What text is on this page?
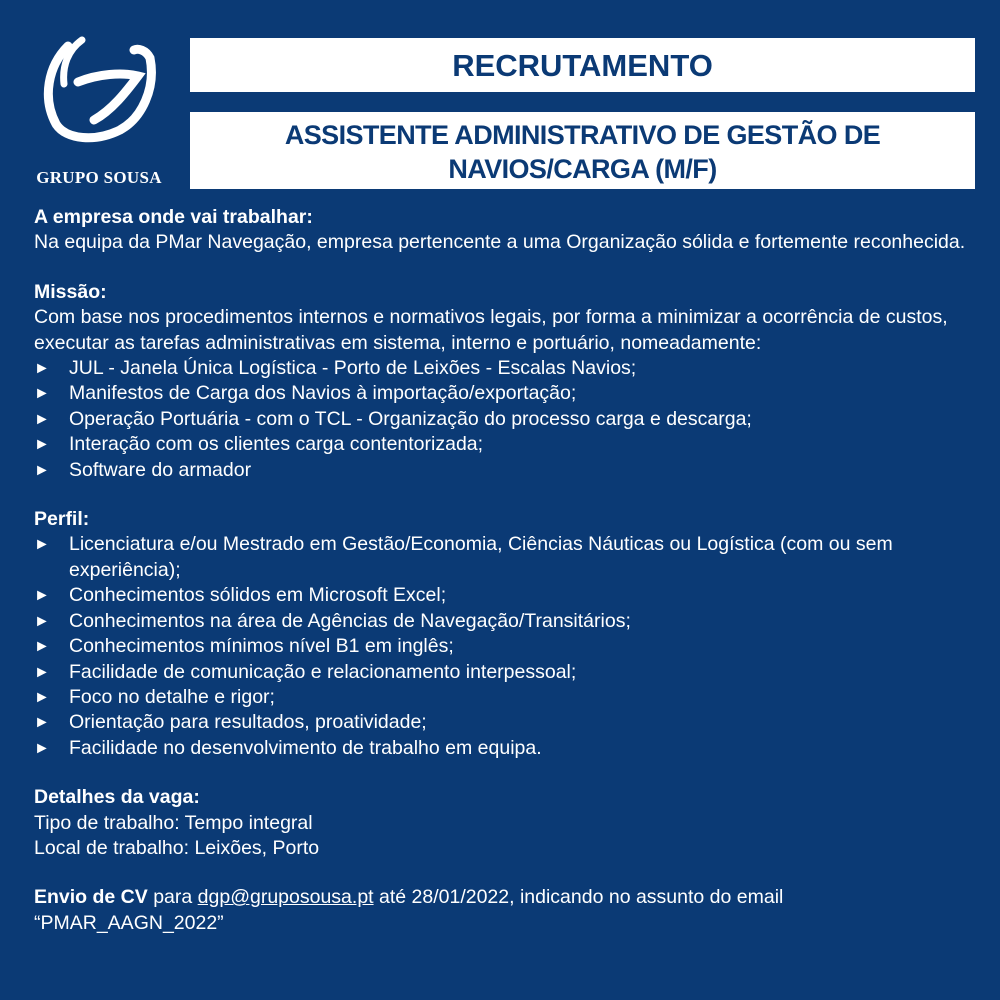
GRUPO SOUSA
RECRUTAMENTO
ASSISTENTE ADMINISTRATIVO DE GESTÃO DE
NAVIOS/CARGA (M/F)
A empresa onde vai trabalhar:
Na equipa da PMar Navegação, empresa pertencente a uma Organização sólida e fortemente reconhecida.
Missão:
Com base nos procedimentos internos e normativos legais, por forma a minimizar a ocorrência de custos, executar as tarefas administrativas em sistema, interno e portuário, nomeadamente:
► JUL - Janela Única Logística - Porto de Leixões - Escalas Navios;
► Manifestos de Carga dos Navios à importação/exportação;
► Operação Portuária - com o TCL - Organização do processo carga e descarga;
► Interação com os clientes carga contentorizada;
► Software do armador
Perfil:
► Licenciatura e/ou Mestrado em Gestão/Economia, Ciências Náuticas ou Logística (com ou sem experiência);
► Conhecimentos sólidos em Microsoft Excel;
► Conhecimentos na área de Agências de Navegação/Transitários;
► Conhecimentos mínimos nível B1 em inglês;
► Facilidade de comunicação e relacionamento interpessoal;
► Foco no detalhe e rigor;
► Orientação para resultados, proatividade;
► Facilidade no desenvolvimento de trabalho em equipa.
Detalhes da vaga:
Tipo de trabalho: Tempo integral
Local de trabalho: Leixões, Porto
Envio de CV para dgp@gruposousa.pt até 28/01/2022, indicando no assunto do email
“PMAR_AAGN_2022”
